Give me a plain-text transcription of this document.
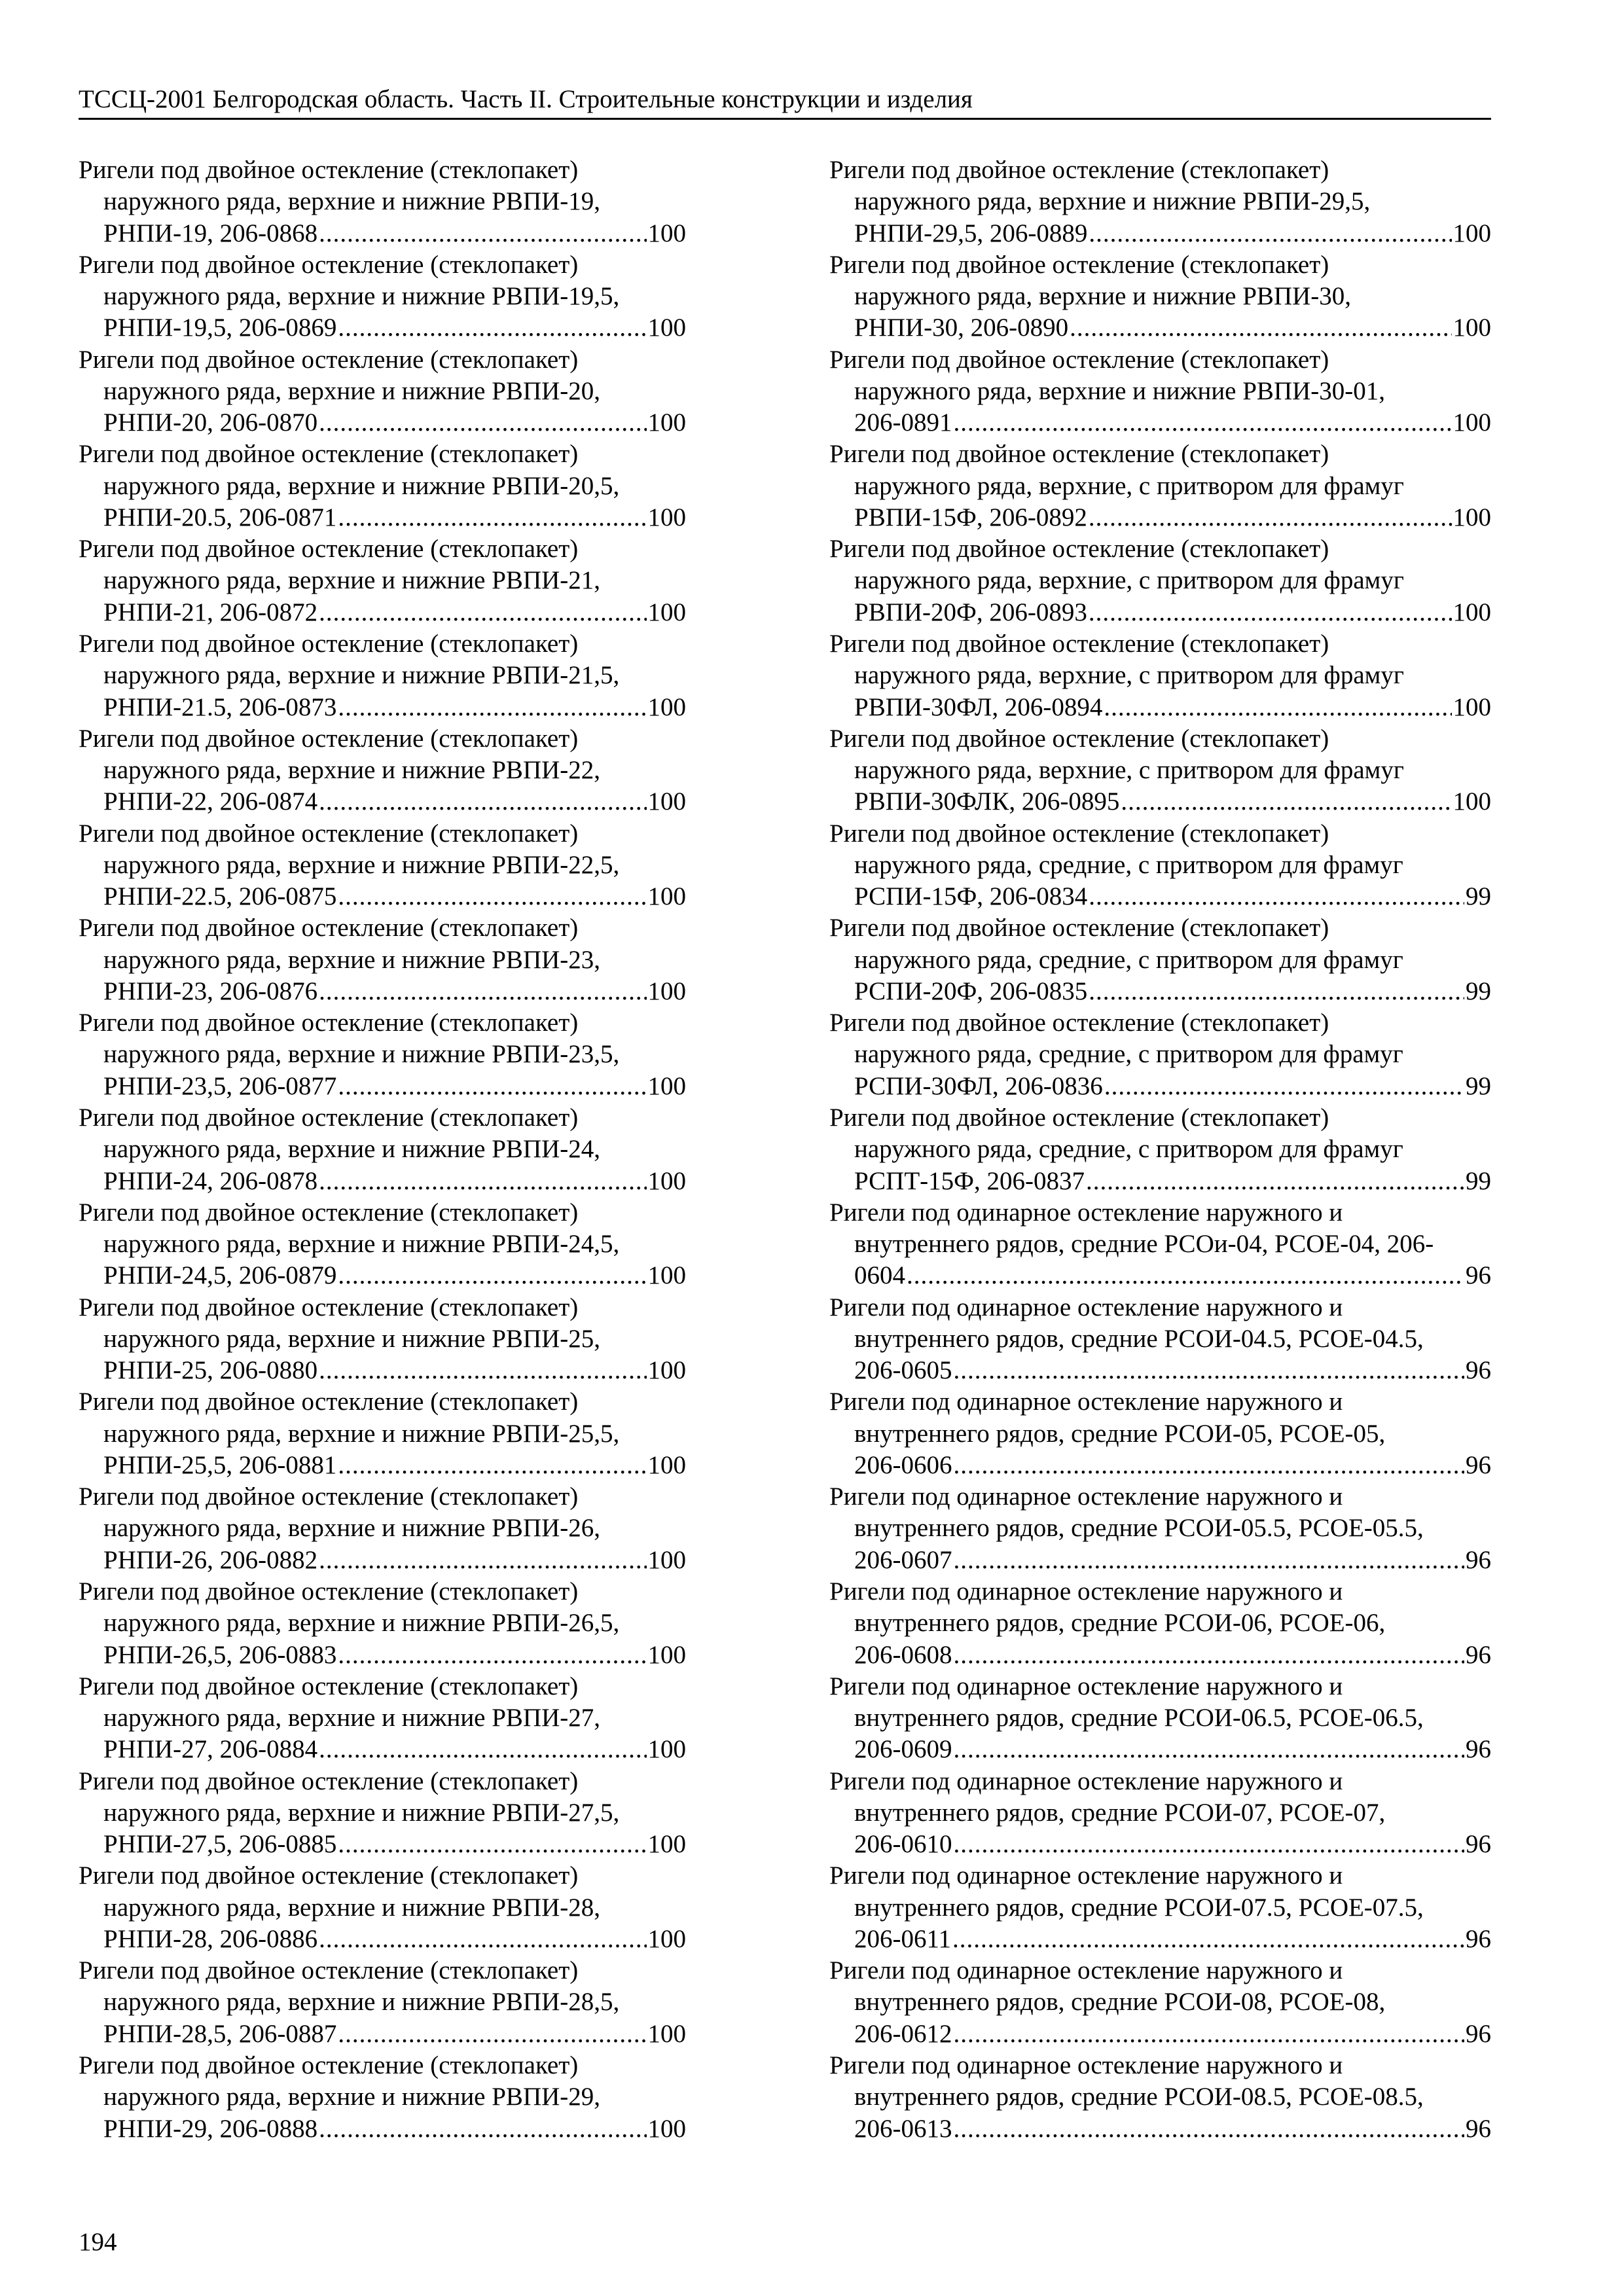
ТССЦ-2001 Белгородская область. Часть II. Строительные конструкции и изделия
Ригели под двойное остекление (стеклопакет)
наружного ряда, верхние и нижние РВПИ-19,
РНПИ-19, 206-0868 .....	100
Ригели под двойное остекление (стеклопакет)
наружного ряда, верхние и нижние РВПИ-19,5,
РНПИ-19,5, 206-0869 .....	100
Ригели под двойное остекление (стеклопакет)
наружного ряда, верхние и нижние РВПИ-20,
РНПИ-20, 206-0870 .....	100
Ригели под двойное остекление (стеклопакет)
наружного ряда, верхние и нижние РВПИ-20,5,
РНПИ-20.5, 206-0871 .....	100
Ригели под двойное остекление (стеклопакет)
наружного ряда, верхние и нижние РВПИ-21,
РНПИ-21, 206-0872 .....	100
Ригели под двойное остекление (стеклопакет)
наружного ряда, верхние и нижние РВПИ-21,5,
РНПИ-21.5, 206-0873 .....	100
Ригели под двойное остекление (стеклопакет)
наружного ряда, верхние и нижние РВПИ-22,
РНПИ-22, 206-0874 .....	100
Ригели под двойное остекление (стеклопакет)
наружного ряда, верхние и нижние РВПИ-22,5,
РНПИ-22.5, 206-0875 .....	100
Ригели под двойное остекление (стеклопакет)
наружного ряда, верхние и нижние РВПИ-23,
РНПИ-23, 206-0876 .....	100
Ригели под двойное остекление (стеклопакет)
наружного ряда, верхние и нижние РВПИ-23,5,
РНПИ-23,5, 206-0877 .....	100
Ригели под двойное остекление (стеклопакет)
наружного ряда, верхние и нижние РВПИ-24,
РНПИ-24, 206-0878 .....	100
Ригели под двойное остекление (стеклопакет)
наружного ряда, верхние и нижние РВПИ-24,5,
РНПИ-24,5, 206-0879 .....	100
Ригели под двойное остекление (стеклопакет)
наружного ряда, верхние и нижние РВПИ-25,
РНПИ-25, 206-0880 .....	100
Ригели под двойное остекление (стеклопакет)
наружного ряда, верхние и нижние РВПИ-25,5,
РНПИ-25,5, 206-0881 .....	100
Ригели под двойное остекление (стеклопакет)
наружного ряда, верхние и нижние РВПИ-26,
РНПИ-26, 206-0882 .....	100
Ригели под двойное остекление (стеклопакет)
наружного ряда, верхние и нижние РВПИ-26,5,
РНПИ-26,5, 206-0883 .....	100
Ригели под двойное остекление (стеклопакет)
наружного ряда, верхние и нижние РВПИ-27,
РНПИ-27, 206-0884 .....	100
Ригели под двойное остекление (стеклопакет)
наружного ряда, верхние и нижние РВПИ-27,5,
РНПИ-27,5, 206-0885 .....	100
Ригели под двойное остекление (стеклопакет)
наружного ряда, верхние и нижние РВПИ-28,
РНПИ-28, 206-0886 .....	100
Ригели под двойное остекление (стеклопакет)
наружного ряда, верхние и нижние РВПИ-28,5,
РНПИ-28,5, 206-0887 .....	100
Ригели под двойное остекление (стеклопакет)
наружного ряда, верхние и нижние РВПИ-29,
РНПИ-29, 206-0888 .....	100
Ригели под двойное остекление (стеклопакет)
наружного ряда, верхние и нижние РВПИ-29,5,
РНПИ-29,5, 206-0889 .....	100
Ригели под двойное остекление (стеклопакет)
наружного ряда, верхние и нижние РВПИ-30,
РНПИ-30, 206-0890 .....	100
Ригели под двойное остекление (стеклопакет)
наружного ряда, верхние и нижние РВПИ-30-01,
206-0891 .....	100
Ригели под двойное остекление (стеклопакет)
наружного ряда, верхние, с притвором для фрамуг
РВПИ-15Ф, 206-0892 .....	100
Ригели под двойное остекление (стеклопакет)
наружного ряда, верхние, с притвором для фрамуг
РВПИ-20Ф, 206-0893 .....	100
Ригели под двойное остекление (стеклопакет)
наружного ряда, верхние, с притвором для фрамуг
РВПИ-30ФЛ, 206-0894 .....	100
Ригели под двойное остекление (стеклопакет)
наружного ряда, верхние, с притвором для фрамуг
РВПИ-30ФЛК, 206-0895 .....	100
Ригели под двойное остекление (стеклопакет)
наружного ряда, средние, с притвором для фрамуг
РСПИ-15Ф, 206-0834 .....	99
Ригели под двойное остекление (стеклопакет)
наружного ряда, средние, с притвором для фрамуг
РСПИ-20Ф, 206-0835 .....	99
Ригели под двойное остекление (стеклопакет)
наружного ряда, средние, с притвором для фрамуг
РСПИ-30ФЛ, 206-0836 .....	99
Ригели под двойное остекление (стеклопакет)
наружного ряда, средние, с притвором для фрамуг
РСПТ-15Ф, 206-0837 .....	99
Ригели под одинарное остекление наружного и
внутреннего рядов, средние РСОи-04, РСОЕ-04, 206-
0604 .....	96
Ригели под одинарное остекление наружного и
внутреннего рядов, средние РСОИ-04.5, РСОЕ-04.5,
206-0605 .....	96
Ригели под одинарное остекление наружного и
внутреннего рядов, средние РСОИ-05, РСОЕ-05,
206-0606 .....	96
Ригели под одинарное остекление наружного и
внутреннего рядов, средние РСОИ-05.5, РСОЕ-05.5,
206-0607 .....	96
Ригели под одинарное остекление наружного и
внутреннего рядов, средние РСОИ-06, РСОЕ-06,
206-0608 .....	96
Ригели под одинарное остекление наружного и
внутреннего рядов, средние РСОИ-06.5, РСОЕ-06.5,
206-0609 .....	96
Ригели под одинарное остекление наружного и
внутреннего рядов, средние РСОИ-07, РСОЕ-07,
206-0610 .....	96
Ригели под одинарное остекление наружного и
внутреннего рядов, средние РСОИ-07.5, РСОЕ-07.5,
206-0611 .....	96
Ригели под одинарное остекление наружного и
внутреннего рядов, средние РСОИ-08, РСОЕ-08,
206-0612 .....	96
Ригели под одинарное остекление наружного и
внутреннего рядов, средние РСОИ-08.5, РСОЕ-08.5,
206-0613 .....	96
194
